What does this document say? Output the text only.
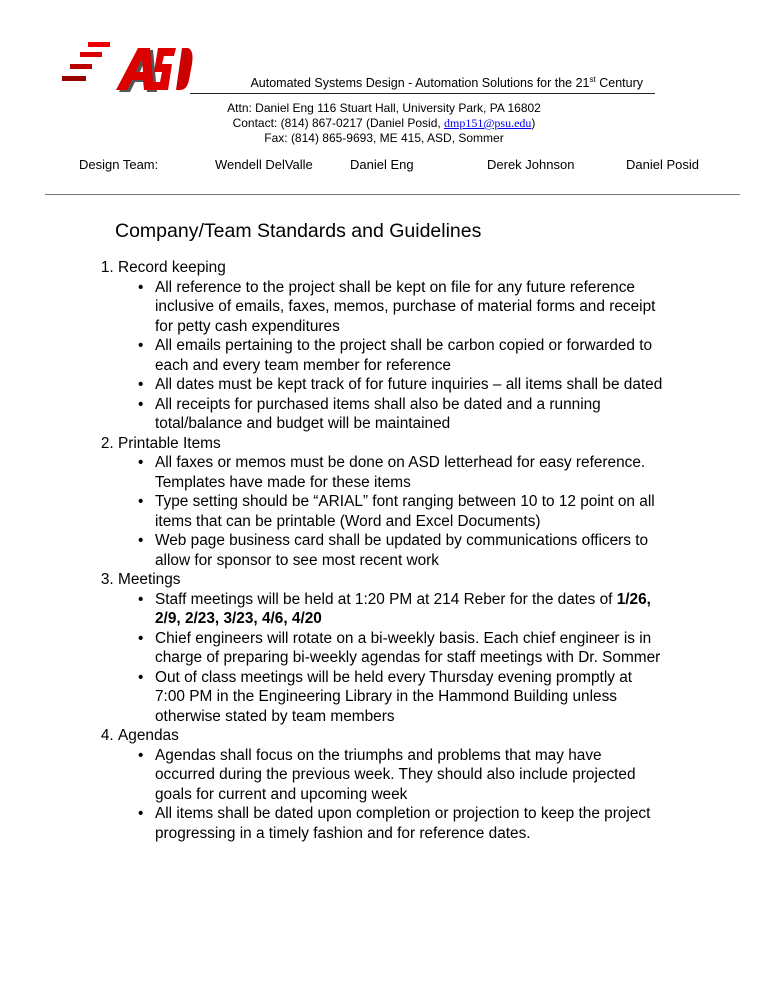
Automated Systems Design - Automation Solutions for the 21st Century
Attn: Daniel Eng 116 Stuart Hall, University Park, PA 16802
Contact: (814) 867-0217 (Daniel Posid, dmp151@psu.edu)
Fax: (814) 865-9693, ME 415, ASD, Sommer
Design Team:	Wendell DelValle	Daniel Eng	Derek Johnson	Daniel Posid
Company/Team Standards and Guidelines
1. Record keeping
• All reference to the project shall be kept on file for any future reference inclusive of emails, faxes, memos, purchase of material forms and receipt for petty cash expenditures
• All emails pertaining to the project shall be carbon copied or forwarded to each and every team member for reference
• All dates must be kept track of for future inquiries – all items shall be dated
• All receipts for purchased items shall also be dated and a running total/balance and budget will be maintained
2. Printable Items
• All faxes or memos must be done on ASD letterhead for easy reference. Templates have made for these items
• Type setting should be “ARIAL” font ranging between 10 to 12 point on all items that can be printable (Word and Excel Documents)
• Web page business card shall be updated by communications officers to allow for sponsor to see most recent work
3. Meetings
• Staff meetings will be held at 1:20 PM at 214 Reber for the dates of 1/26, 2/9, 2/23, 3/23, 4/6, 4/20
• Chief engineers will rotate on a bi-weekly basis. Each chief engineer is in charge of preparing bi-weekly agendas for staff meetings with Dr. Sommer
• Out of class meetings will be held every Thursday evening promptly at 7:00 PM in the Engineering Library in the Hammond Building unless otherwise stated by team members
4. Agendas
• Agendas shall focus on the triumphs and problems that may have occurred during the previous week. They should also include projected goals for current and upcoming week
• All items shall be dated upon completion or projection to keep the project progressing in a timely fashion and for reference dates.
